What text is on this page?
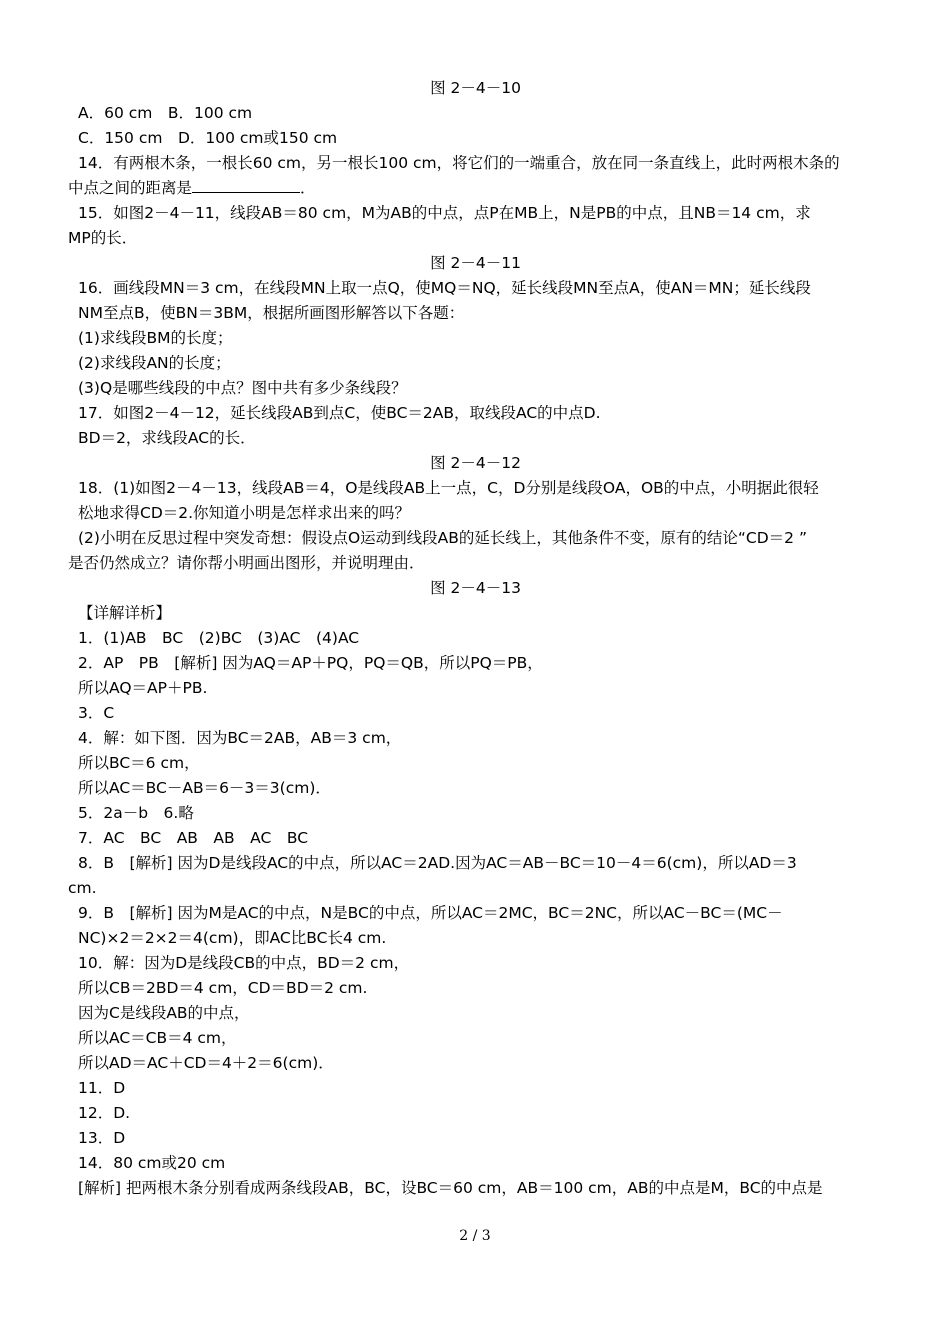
图 2－4－10
A．60 cm　B．100 cm
C．150 cm　D．100 cm或150 cm
14．有两根木条，一根长60 cm，另一根长100 cm，将它们的一端重合，放在同一条直线上，此时两根木条的
中点之间的距离是	．
15．如图2－4－11，线段AB＝80 cm，M为AB的中点，点P在MB上，N是PB的中点，且NB＝14 cm，求
MP的长．
图 2－4－11
16．画线段MN＝3 cm，在线段MN上取一点Q，使MQ＝NQ，延长线段MN至点A，使AN＝MN；延长线段
NM至点B，使BN＝3BM，根据所画图形解答以下各题：
(1)求线段BM的长度；
(2)求线段AN的长度；
(3)Q是哪些线段的中点？图中共有多少条线段？
17．如图2－4－12，延长线段AB到点C，使BC＝2AB，取线段AC的中点D.
BD＝2，求线段AC的长．
图 2－4－12
18．(1)如图2－4－13，线段AB＝4，O是线段AB上一点，C，D分别是线段OA，OB的中点，小明据此很轻
松地求得CD＝2.你知道小明是怎样求出来的吗？
(2)小明在反思过程中突发奇想：假设点O运动到线段AB的延长线上，其他条件不变，原有的结论“CD＝2 ”
是否仍然成立？请你帮小明画出图形，并说明理由．
图 2－4－13
【详解详析】
1．(1)AB　BC　(2)BC　(3)AC　(4)AC
2．AP　PB　[解析] 因为AQ＝AP＋PQ，PQ＝QB，所以PQ＝PB，
所以AQ＝AP＋PB.
3．C
4．解：如下图．因为BC＝2AB，AB＝3 cm，
所以BC＝6 cm，
所以AC＝BC－AB＝6－3＝3(cm)．
5．2a－b　6.略
7．AC　BC　AB　AB　AC　BC
8．B　[解析] 因为D是线段AC的中点，所以AC＝2AD.因为AC＝AB－BC＝10－4＝6(cm)，所以AD＝3
cm.
9．B　[解析] 因为M是AC的中点，N是BC的中点，所以AC＝2MC，BC＝2NC，所以AC－BC＝(MC－
NC)×2＝2×2＝4(cm)，即AC比BC长4 cm.
10．解：因为D是线段CB的中点，BD＝2 cm，
所以CB＝2BD＝4 cm，CD＝BD＝2 cm.
因为C是线段AB的中点，
所以AC＝CB＝4 cm，
所以AD＝AC＋CD＝4＋2＝6(cm)．
11．D
12．D.
13．D
14．80 cm或20 cm
[解析] 把两根木条分别看成两条线段AB，BC，设BC＝60 cm，AB＝100 cm，AB的中点是M，BC的中点是
2 / 3
